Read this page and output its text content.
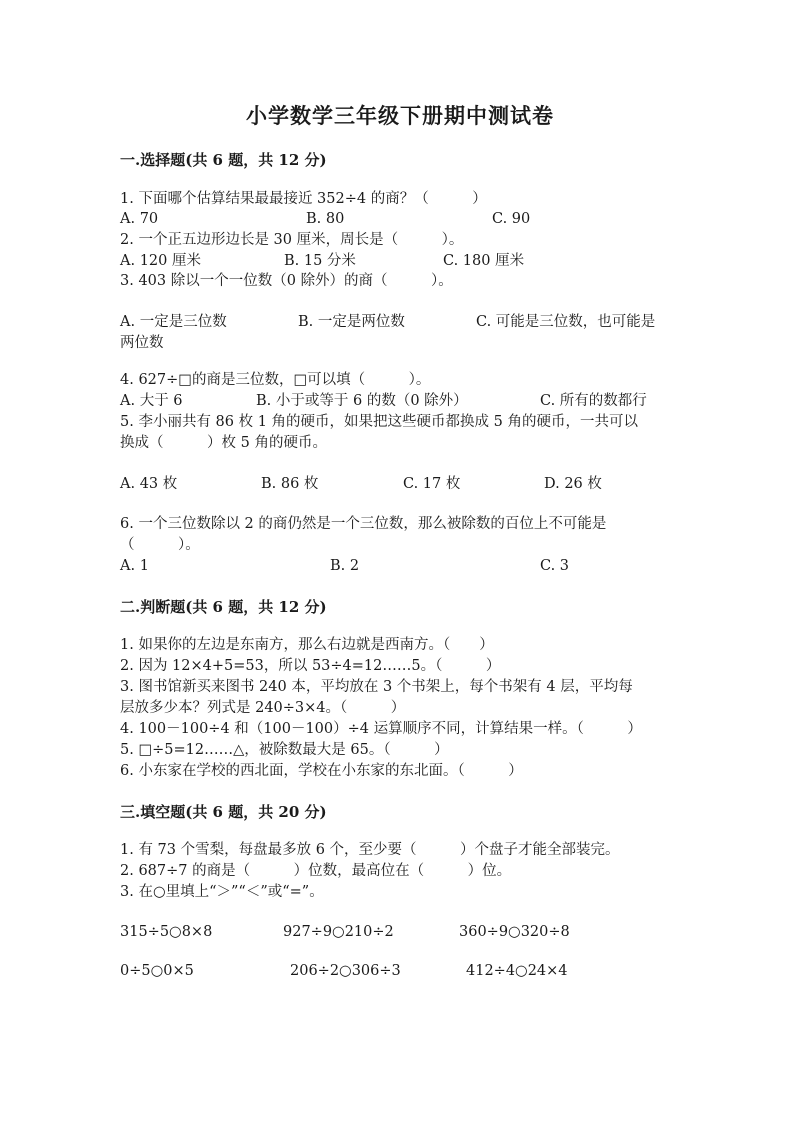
小学数学三年级下册期中测试卷
一.选择题(共 6 题，共 12 分)
1. 下面哪个估算结果最最接近 352÷4 的商？（　　　）
A. 70	B. 80	C. 90
2. 一个正五边形边长是 30 厘米，周长是（　　　）。
A. 120 厘米	B. 15 分米	C. 180 厘米
3. 403 除以一个一位数（0 除外）的商（　　　）。
A. 一定是三位数	B. 一定是两位数	C. 可能是三位数，也可能是
两位数
4. 627÷□的商是三位数，□可以填（　　　）。
A. 大于 6	B. 小于或等于 6 的数（0 除外）	C. 所有的数都行
5. 李小丽共有 86 枚 1 角的硬币，如果把这些硬币都换成 5 角的硬币，一共可以
换成（　　　）枚 5 角的硬币。
A. 43 枚	B. 86 枚	C. 17 枚	D. 26 枚
6. 一个三位数除以 2 的商仍然是一个三位数，那么被除数的百位上不可能是
（　　　）。
A. 1	B. 2	C. 3
二.判断题(共 6 题，共 12 分)
1. 如果你的左边是东南方，那么右边就是西南方。（　　）
2. 因为 12×4+5=53，所以 53÷4=12……5。（　　　）
3. 图书馆新买来图书 240 本，平均放在 3 个书架上，每个书架有 4 层，平均每
层放多少本？列式是 240÷3×4。（　　　）
4. 100－100÷4 和（100－100）÷4 运算顺序不同，计算结果一样。（　　　）
5. □÷5=12……△，被除数最大是 65。（　　　）
6. 小东家在学校的西北面，学校在小东家的东北面。（　　　）
三.填空题(共 6 题，共 20 分)
1. 有 73 个雪梨，每盘最多放 6 个，至少要（　　　）个盘子才能全部装完。
2. 687÷7 的商是（　　　）位数，最高位在（　　　）位。
3. 在○里填上“＞”“＜”或“=”。
315÷5○8×8	927÷9○210÷2	360÷9○320÷8
0÷5○0×5	206÷2○306÷3	412÷4○24×4
